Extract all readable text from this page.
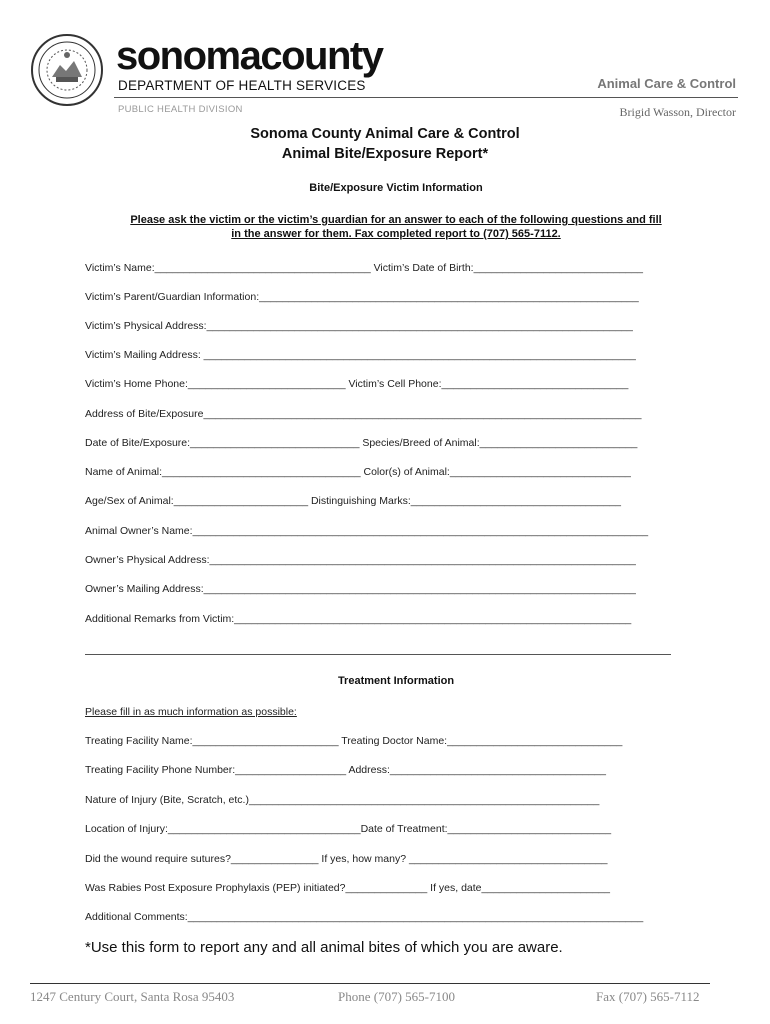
sonomacounty
DEPARTMENT OF HEALTH SERVICES	Animal Care & Control
PUBLIC HEALTH DIVISION	Brigid Wasson, Director
Sonoma County Animal Care & Control
Animal Bite/Exposure Report*
Bite/Exposure Victim Information
Please ask the victim or the victim’s guardian for an answer to each of the following questions and fill
in the answer for them. Fax completed report to (707) 565-7112.
Victim’s Name:_____________________________________ Victim’s Date of Birth:_____________________________
Victim’s Parent/Guardian Information:_________________________________________________________________
Victim’s Physical Address:_________________________________________________________________________
Victim’s Mailing Address: __________________________________________________________________________
Victim’s Home Phone:___________________________ Victim’s Cell Phone:________________________________
Address of Bite/Exposure___________________________________________________________________________
Date of Bite/Exposure:_____________________________ Species/Breed of Animal:___________________________
Name of Animal:__________________________________ Color(s) of Animal:_______________________________
Age/Sex of Animal:_______________________ Distinguishing Marks:____________________________________
Animal Owner’s Name:______________________________________________________________________________
Owner’s Physical Address:_________________________________________________________________________
Owner’s Mailing Address:__________________________________________________________________________
Additional Remarks from Victim:____________________________________________________________________
Treatment Information
Please fill in as much information as possible:
Treating Facility Name:_________________________ Treating Doctor Name:______________________________
Treating Facility Phone Number:___________________ Address:_____________________________________
Nature of Injury (Bite, Scratch, etc.)____________________________________________________________
Location of Injury:_________________________________Date of Treatment:____________________________
Did the wound require sutures?_______________ If yes, how many? __________________________________
Was Rabies Post Exposure Prophylaxis (PEP) initiated?______________ If yes, date______________________
Additional Comments:______________________________________________________________________________
*Use this form to report any and all animal bites of which you are aware.
1247 Century Court, Santa Rosa 95403	Phone (707) 565-7100	Fax (707) 565-7112
